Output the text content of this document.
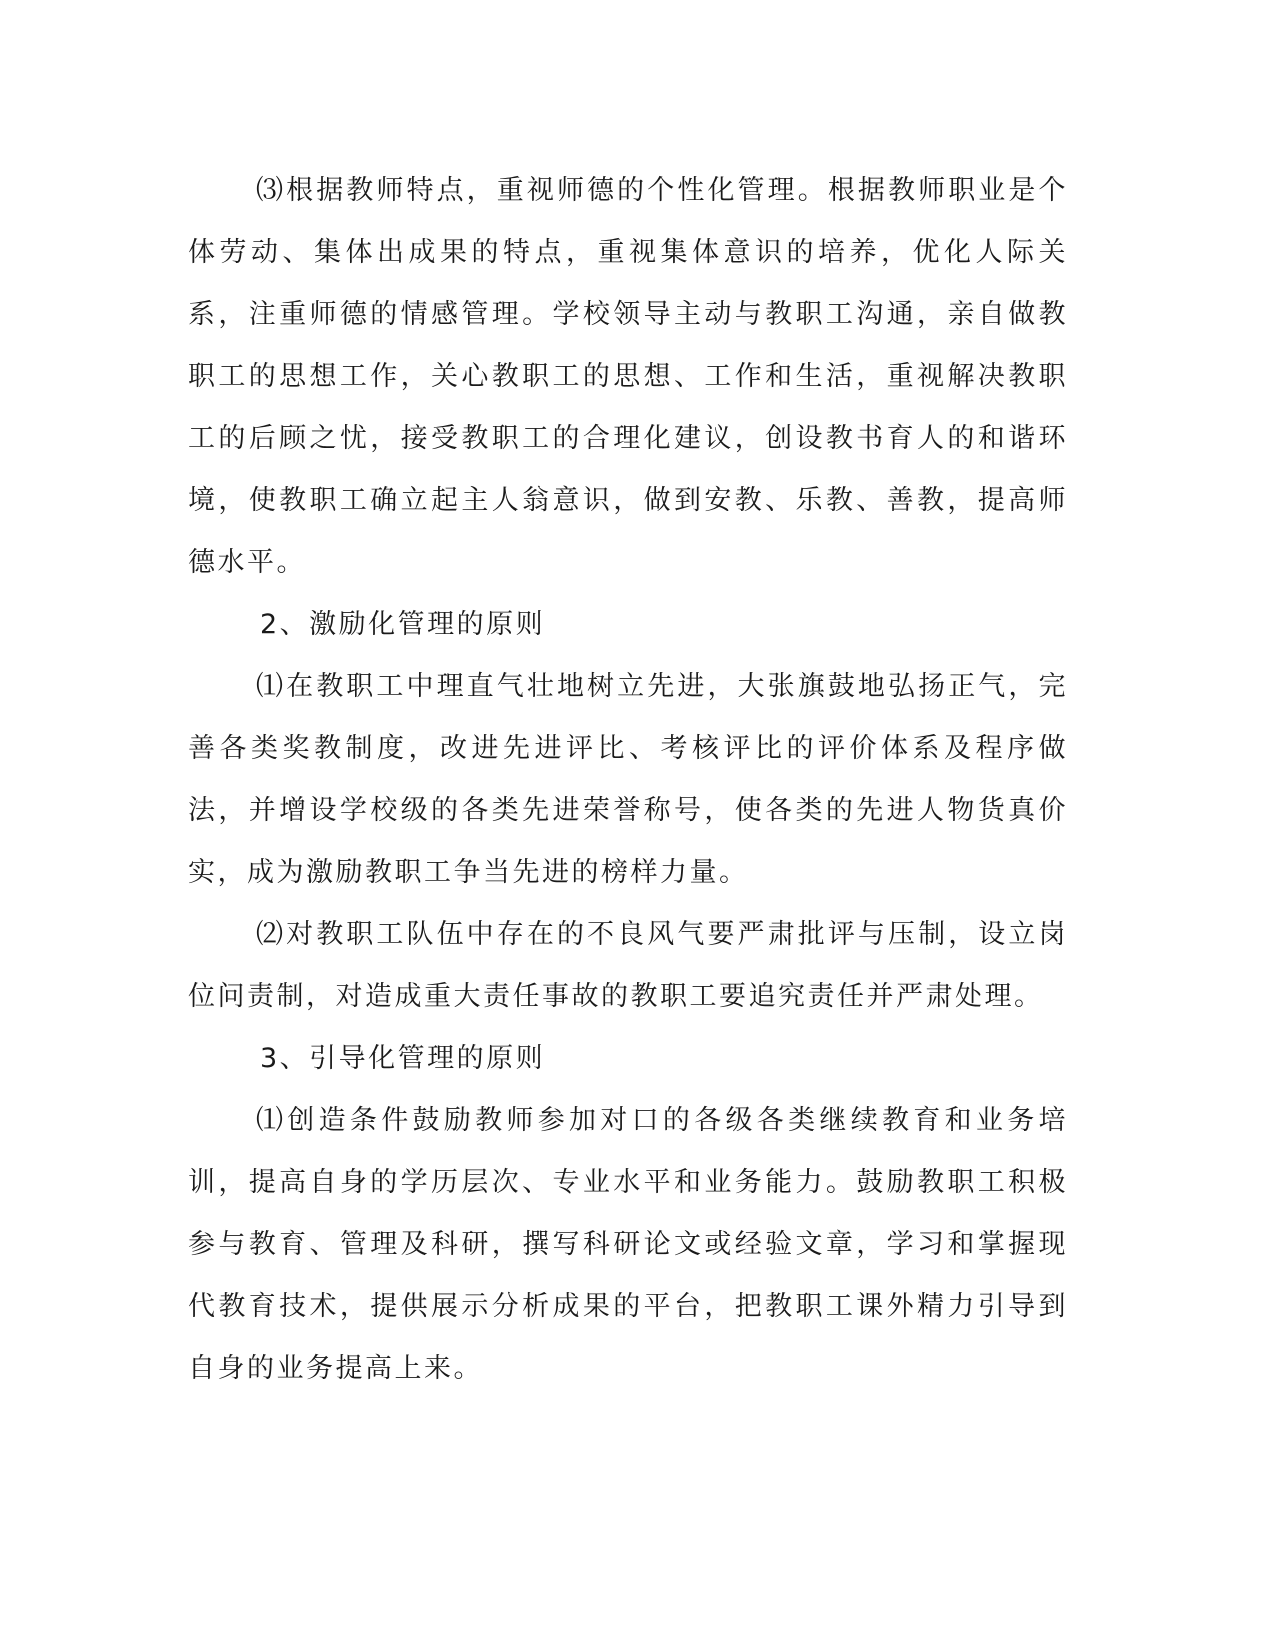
⑶根据教师特点，重视师德的个性化管理。根据教师职业是个体劳动、集体出成果的特点，重视集体意识的培养，优化人际关系，注重师德的情感管理。学校领导主动与教职工沟通，亲自做教职工的思想工作，关心教职工的思想、工作和生活，重视解决教职工的后顾之忧，接受教职工的合理化建议，创设教书育人的和谐环境，使教职工确立起主人翁意识，做到安教、乐教、善教，提高师德水平。

2、激励化管理的原则

⑴在教职工中理直气壮地树立先进，大张旗鼓地弘扬正气，完善各类奖教制度，改进先进评比、考核评比的评价体系及程序做法，并增设学校级的各类先进荣誉称号，使各类的先进人物货真价实，成为激励教职工争当先进的榜样力量。

⑵对教职工队伍中存在的不良风气要严肃批评与压制，设立岗位问责制，对造成重大责任事故的教职工要追究责任并严肃处理。

3、引导化管理的原则

⑴创造条件鼓励教师参加对口的各级各类继续教育和业务培训，提高自身的学历层次、专业水平和业务能力。鼓励教职工积极参与教育、管理及科研，撰写科研论文或经验文章，学习和掌握现代教育技术，提供展示分析成果的平台，把教职工课外精力引导到自身的业务提高上来。
